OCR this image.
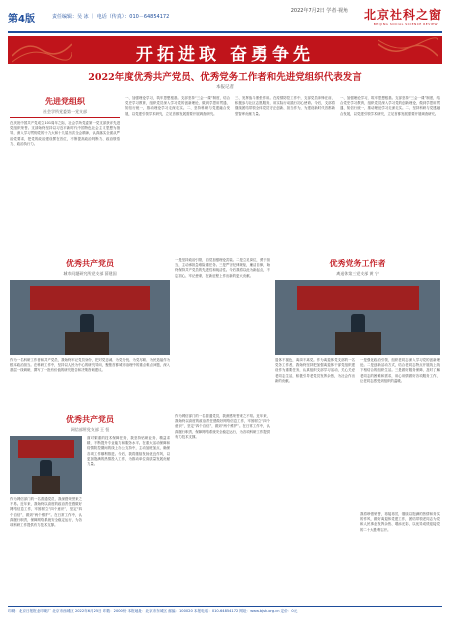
第4版	责任编辑：吴 冰 ｜ 电话（传真）：010－64854172
2022年7月2日 学者·视角 北京社科之窗
BEIJING SOCIAL SCIENCE REVIEW
开拓进取 奋勇争先
2022年度优秀共产党员、优秀党务工作者和先进党组织代表发言
本报记者
先进党组织
社会学所党委第一党支部
在庆祝中国共产党成立101周年之际，社会学所党委第一党支部获评先进党组织荣誉。支部始终坚持以习近平新时代中国特色社会主义思想为指导，深入学习贯彻党的十九大和十九届历次全会精神，认真落实全面从严治党要求，把党的政治建设摆在首位，不断提高政治判断力、政治领悟力、政治执行力。
一、加强理论学习，筑牢思想根基。支部坚持“三会一课”制度，结合党史学习教育，组织党员深入学习党的创新理论，做到学思用贯通、知信行统一，推动理论学习走深走实。二、坚持科研与党建融合发展，以党建引领学术研究，立足首都发展需要开展调查研究。
三、发挥战斗堡垒作用。在疫情防控工作中，支部党员冲锋在前，积极参与社区志愿服务，用实际行动践行初心使命。今后，支部将继续团结带领全体党员守正创新、担当作为，为建设新时代首都新型智库贡献力量。
一、加强理论学习，筑牢思想根基。支部坚持“三会一课”制度，结合党史学习教育，组织党员深入学习党的创新理论，做到学思用贯通、知信行统一，推动理论学习走深走实。二、坚持科研与党建融合发展，以党建引领学术研究，立足首都发展需要开展调查研究。
优秀共产党员
城市问题研究所党支部 薛建国
作为一名科研工作者和共产党员，我始终牢记党员身份，把对党忠诚、为党分忧、为党尽职、为民造福作为根本政治担当。在科研工作中，坚持以人民为中心的研究导向，聚焦首都城市治理中的重点难点问题，深入基层一线调研，撰写了一批有价值的研究报告和决策咨询建议。
一是坚持政治引领，自觉加强理论武装。二是立足岗位，勇于担当，主动承担急难险重任务。三是严守纪律规矩，廉洁自律，始终保持共产党员的先进性和纯洁性。今后我将以此为新起点，不忘初心、牢记使命，在新征程上作出新的更大贡献。
优秀共产党员
网信部所党支部 王 恒
作为网信部门的一名普通党员，我深感荣誉来之不易。近年来，我始终以高度的政治责任感做好网络信息工作，牢固树立“四个意识”，坚定“四个自信”，做到“两个维护”。在日常工作中，认真履行职责，保障网络系统安全稳定运行，为各项科研工作提供有力技术支撑。
面对繁重的技术保障任务，我坚持钻研业务、精益求精，不断提升专业能力和服务水平。在重大活动保障和疫情防控期间的线上办公支持中，主动加班加点，确保各项工作顺利推进。今后，我将继续发扬优良作风，以更加饱满的热情投入工作，为推动单位高质量发展贡献力量。
作为网信部门的一名普通党员，我深感荣誉来之不易。近年来，我始终以高度的政治责任感做好网络信息工作，牢固树立“四个意识”，坚定“四个自信”，做到“两个维护”。在日常工作中，认真履行职责，保障网络系统安全稳定运行，为各项科研工作提供有力技术支撑。
优秀党务工作者
离退休第三党支部 黄 宁
退休不褪色，离岗不离党。作为离退休党支部的一名党务工作者，我始终坚持把加强离退休干部党组织建设作为重要任务，认真组织支部学习活动，关心关爱老同志生活，积极引导老党员发挥余热，为社会作出新的贡献。
一是强化政治引领，组织老同志深入学习党的创新理论。二是创新活动方式，结合老同志特点开展线上线下相结合的组织生活。三是做好服务保障，及时了解老同志的困难和需求，用心用情做好各项服务工作，让老同志感受到组织的温暖。
我将珍惜荣誉，再接再厉，继续以饱满的热情和务实的作风，做好离退休党建工作，团结带领老同志为党和人民事业发挥余热、增添光彩，以优异成绩迎接党的二十大胜利召开。
印刷：北京日报报业印刷厂 北京市西城区 2022年6月25日 印数：2000份 本报地址：北京市东城区 邮编：100020 本报电话：010-64854172 网址：www.bjsk.org.cn 定价：0元
